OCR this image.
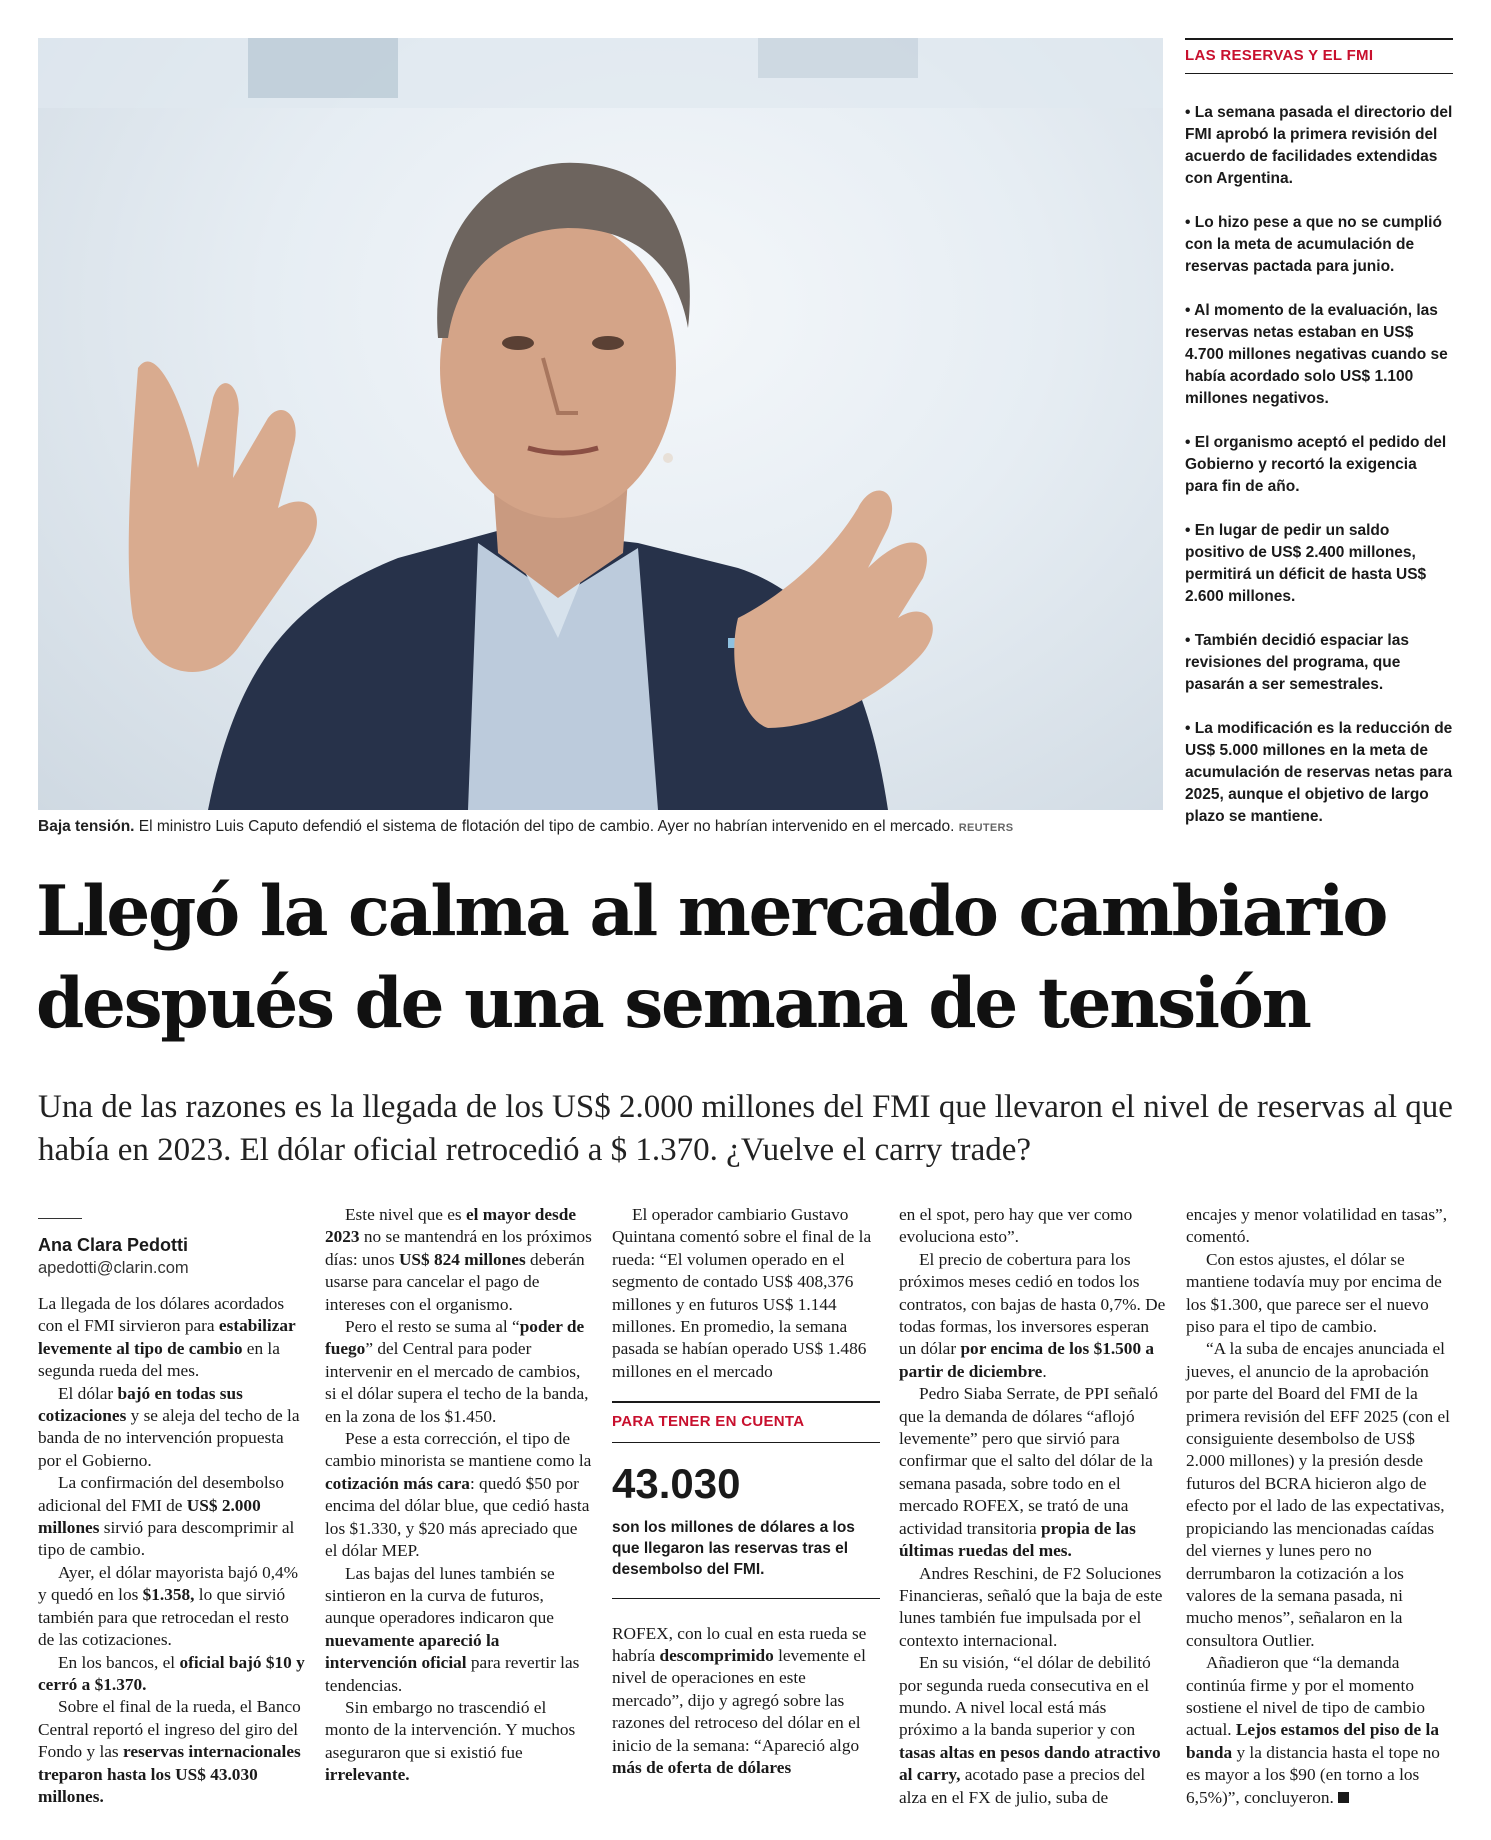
Baja tensión. El ministro Luis Caputo defendió el sistema de flotación del tipo de cambio. Ayer no habrían intervenido en el mercado. REUTERS
LAS RESERVAS Y EL FMI
• La semana pasada el directorio del FMI aprobó la primera revisión del acuerdo de facilidades extendidas con Argentina.
• Lo hizo pese a que no se cumplió con la meta de acumulación de reservas pactada para junio.
• Al momento de la evaluación, las reservas netas estaban en US$ 4.700 millones negativas cuando se había acordado solo US$ 1.100 millones negativos.
• El organismo aceptó el pedido del Gobierno y recortó la exigencia para fin de año.
• En lugar de pedir un saldo positivo de US$ 2.400 millones, permitirá un déficit de hasta US$ 2.600 millones.
• También decidió espaciar las revisiones del programa, que pasarán a ser semestrales.
• La modificación es la reducción de US$ 5.000 millones en la meta de acumulación de reservas netas para 2025, aunque el objetivo de largo plazo se mantiene.
Llegó la calma al mercado cambiario después de una semana de tensión

Una de las razones es la llegada de los US$ 2.000 millones del FMI que llevaron el nivel de reservas al que había en 2023. El dólar oficial retrocedió a $ 1.370. ¿Vuelve el carry trade?

Ana Clara Pedotti
apedotti@clarin.com

La llegada de los dólares acordados con el FMI sirvieron para estabilizar levemente al tipo de cambio en la segunda rueda del mes.

El dólar bajó en todas sus cotizaciones y se aleja del techo de la banda de no intervención propuesta por el Gobierno.

La confirmación del desembolso adicional del FMI de US$ 2.000 millones sirvió para descomprimir al tipo de cambio.

Ayer, el dólar mayorista bajó 0,4% y quedó en los $1.358, lo que sirvió también para que retrocedan el resto de las cotizaciones.

En los bancos, el oficial bajó $10 y cerró a $1.370.

Sobre el final de la rueda, el Banco Central reportó el ingreso del giro del Fondo y las reservas internacionales treparon hasta los US$ 43.030 millones.

Este nivel que es el mayor desde 2023 no se mantendrá en los próximos días: unos US$ 824 millones deberán usarse para cancelar el pago de intereses con el organismo.

Pero el resto se suma al “poder de fuego” del Central para poder intervenir en el mercado de cambios, si el dólar supera el techo de la banda, en la zona de los $1.450.

Pese a esta corrección, el tipo de cambio minorista se mantiene como la cotización más cara: quedó $50 por encima del dólar blue, que cedió hasta los $1.330, y $20 más apreciado que el dólar MEP.

Las bajas del lunes también se sintieron en la curva de futuros, aunque operadores indicaron que nuevamente apareció la intervención oficial para revertir las tendencias.

Sin embargo no trascendió el monto de la intervención. Y muchos aseguraron que si existió fue irrelevante.

El operador cambiario Gustavo Quintana comentó sobre el final de la rueda: “El volumen operado en el segmento de contado US$ 408,376 millones y en futuros US$ 1.144 millones. En promedio, la semana pasada se habían operado US$ 1.486 millones en el mercado

PARA TENER EN CUENTA
43.030
son los millones de dólares a los que llegaron las reservas tras el desembolso del FMI.

ROFEX, con lo cual en esta rueda se habría descomprimido levemente el nivel de operaciones en este mercado”, dijo y agregó sobre las razones del retroceso del dólar en el inicio de la semana: “Apareció algo más de oferta de dólares

en el spot, pero hay que ver como evoluciona esto”.

El precio de cobertura para los próximos meses cedió en todos los contratos, con bajas de hasta 0,7%. De todas formas, los inversores esperan un dólar por encima de los $1.500 a partir de diciembre.

Pedro Siaba Serrate, de PPI señaló que la demanda de dólares “aflojó levemente” pero que sirvió para confirmar que el salto del dólar de la semana pasada, sobre todo en el mercado ROFEX, se trató de una actividad transitoria propia de las últimas ruedas del mes.

Andres Reschini, de F2 Soluciones Financieras, señaló que la baja de este lunes también fue impulsada por el contexto internacional.

En su visión, “el dólar de debilitó por segunda rueda consecutiva en el mundo. A nivel local está más próximo a la banda superior y con tasas altas en pesos dando atractivo al carry, acotado pase a precios del alza en el FX de julio, suba de

encajes y menor volatilidad en tasas”, comentó.

Con estos ajustes, el dólar se mantiene todavía muy por encima de los $1.300, que parece ser el nuevo piso para el tipo de cambio.

“A la suba de encajes anunciada el jueves, el anuncio de la aprobación por parte del Board del FMI de la primera revisión del EFF 2025 (con el consiguiente desembolso de US$ 2.000 millones) y la presión desde futuros del BCRA hicieron algo de efecto por el lado de las expectativas, propiciando las mencionadas caídas del viernes y lunes pero no derrumbaron la cotización a los valores de la semana pasada, ni mucho menos”, señalaron en la consultora Outlier.

Añadieron que “la demanda continúa firme y por el momento sostiene el nivel de tipo de cambio actual. Lejos estamos del piso de la banda y la distancia hasta el tope no es mayor a los $90 (en torno a los 6,5%)”, concluyeron.
